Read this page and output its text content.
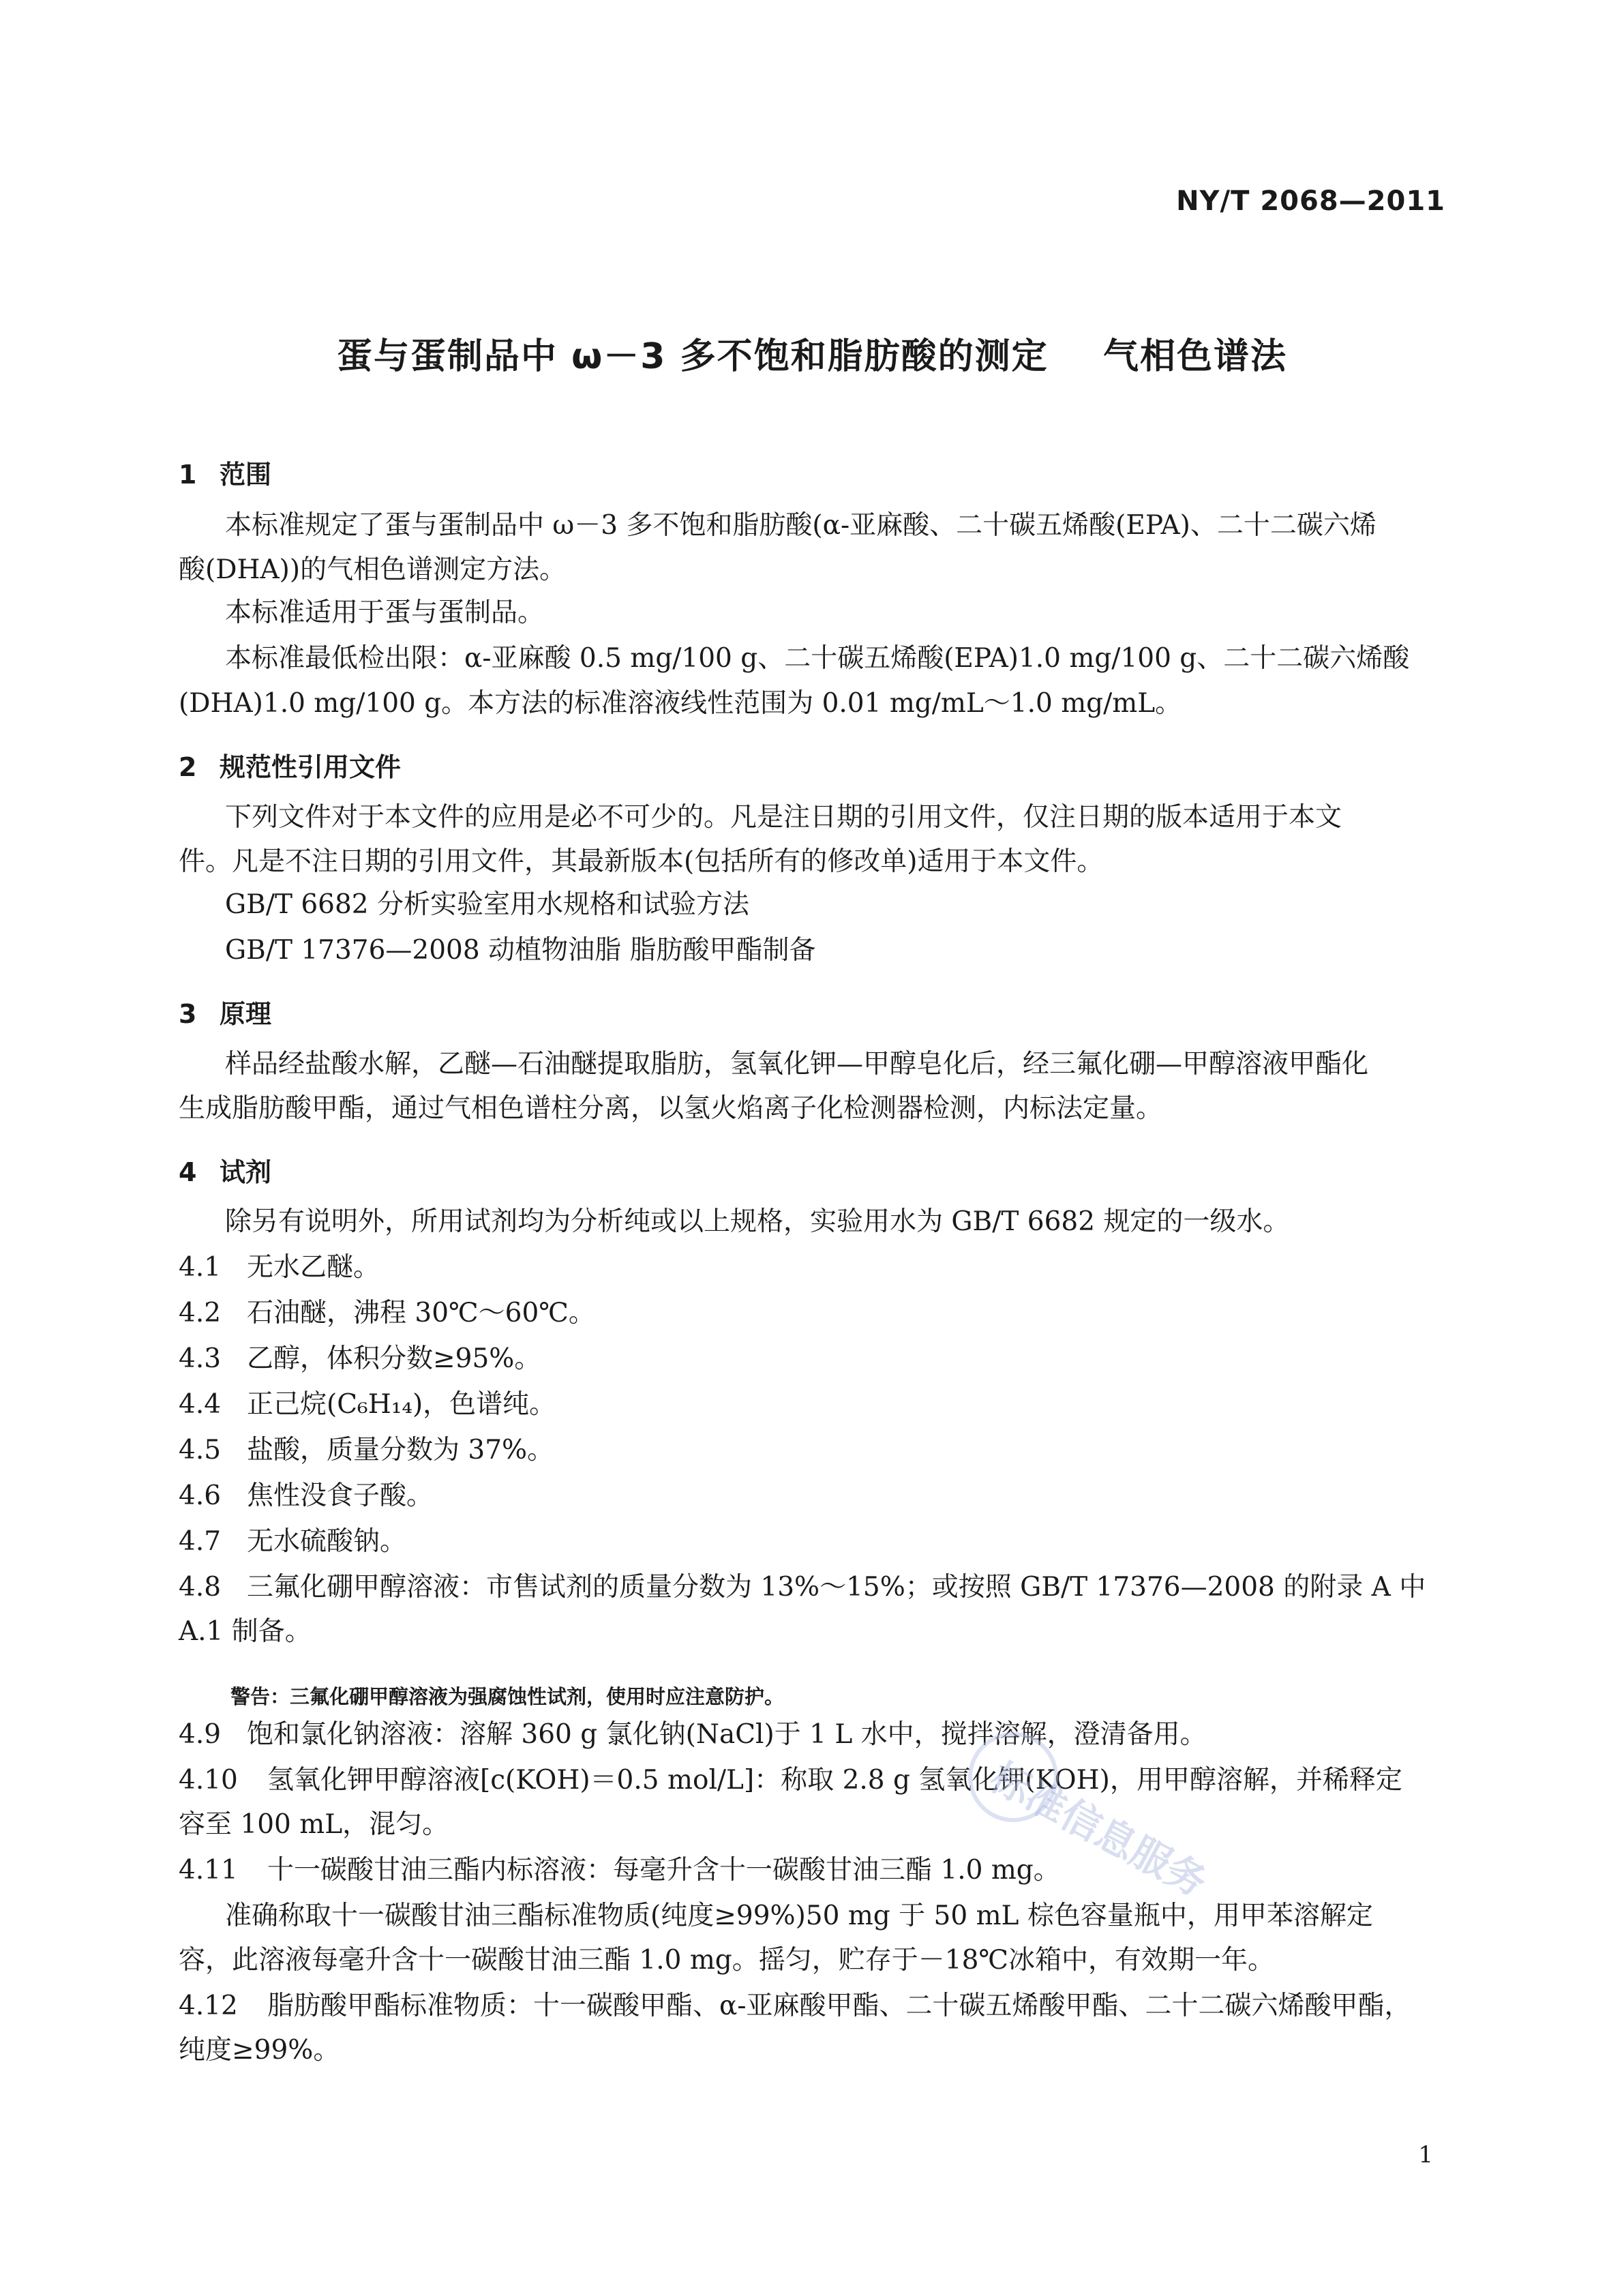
NY/T 2068—2011
蛋与蛋制品中 ω－3 多不饱和脂肪酸的测定    气相色谱法
1 范围
本标准规定了蛋与蛋制品中 ω－3 多不饱和脂肪酸(α-亚麻酸、二十碳五烯酸(EPA)、二十二碳六烯
酸(DHA))的气相色谱测定方法。
本标准适用于蛋与蛋制品。
本标准最低检出限：α-亚麻酸 0.5 mg/100 g、二十碳五烯酸(EPA)1.0 mg/100 g、二十二碳六烯酸
(DHA)1.0 mg/100 g。本方法的标准溶液线性范围为 0.01 mg/mL～1.0 mg/mL。
2 规范性引用文件
下列文件对于本文件的应用是必不可少的。凡是注日期的引用文件，仅注日期的版本适用于本文
件。凡是不注日期的引用文件，其最新版本(包括所有的修改单)适用于本文件。
GB/T 6682 分析实验室用水规格和试验方法
GB/T 17376—2008 动植物油脂 脂肪酸甲酯制备
3 原理
样品经盐酸水解，乙醚—石油醚提取脂肪，氢氧化钾—甲醇皂化后，经三氟化硼—甲醇溶液甲酯化
生成脂肪酸甲酯，通过气相色谱柱分离，以氢火焰离子化检测器检测，内标法定量。
4 试剂
除另有说明外，所用试剂均为分析纯或以上规格，实验用水为 GB/T 6682 规定的一级水。
4.1 无水乙醚。
4.2 石油醚，沸程 30℃～60℃。
4.3 乙醇，体积分数≥95%。
4.4 正己烷(C₆H₁₄)，色谱纯。
4.5 盐酸，质量分数为 37%。
4.6 焦性没食子酸。
4.7 无水硫酸钠。
4.8 三氟化硼甲醇溶液：市售试剂的质量分数为 13%～15%；或按照 GB/T 17376—2008 的附录 A 中
A.1 制备。
警告：三氟化硼甲醇溶液为强腐蚀性试剂，使用时应注意防护。
4.9 饱和氯化钠溶液：溶解 360 g 氯化钠(NaCl)于 1 L 水中，搅拌溶解，澄清备用。
4.10 氢氧化钾甲醇溶液[c(KOH)＝0.5 mol/L]：称取 2.8 g 氢氧化钾(KOH)，用甲醇溶解，并稀释定
容至 100 mL，混匀。
4.11 十一碳酸甘油三酯内标溶液：每毫升含十一碳酸甘油三酯 1.0 mg。
准确称取十一碳酸甘油三酯标准物质(纯度≥99%)50 mg 于 50 mL 棕色容量瓶中，用甲苯溶解定
容，此溶液每毫升含十一碳酸甘油三酯 1.0 mg。摇匀，贮存于－18℃冰箱中，有效期一年。
4.12 脂肪酸甲酯标准物质：十一碳酸甲酯、α-亚麻酸甲酯、二十碳五烯酸甲酯、二十二碳六烯酸甲酯，
纯度≥99%。
标准信息服务
1
